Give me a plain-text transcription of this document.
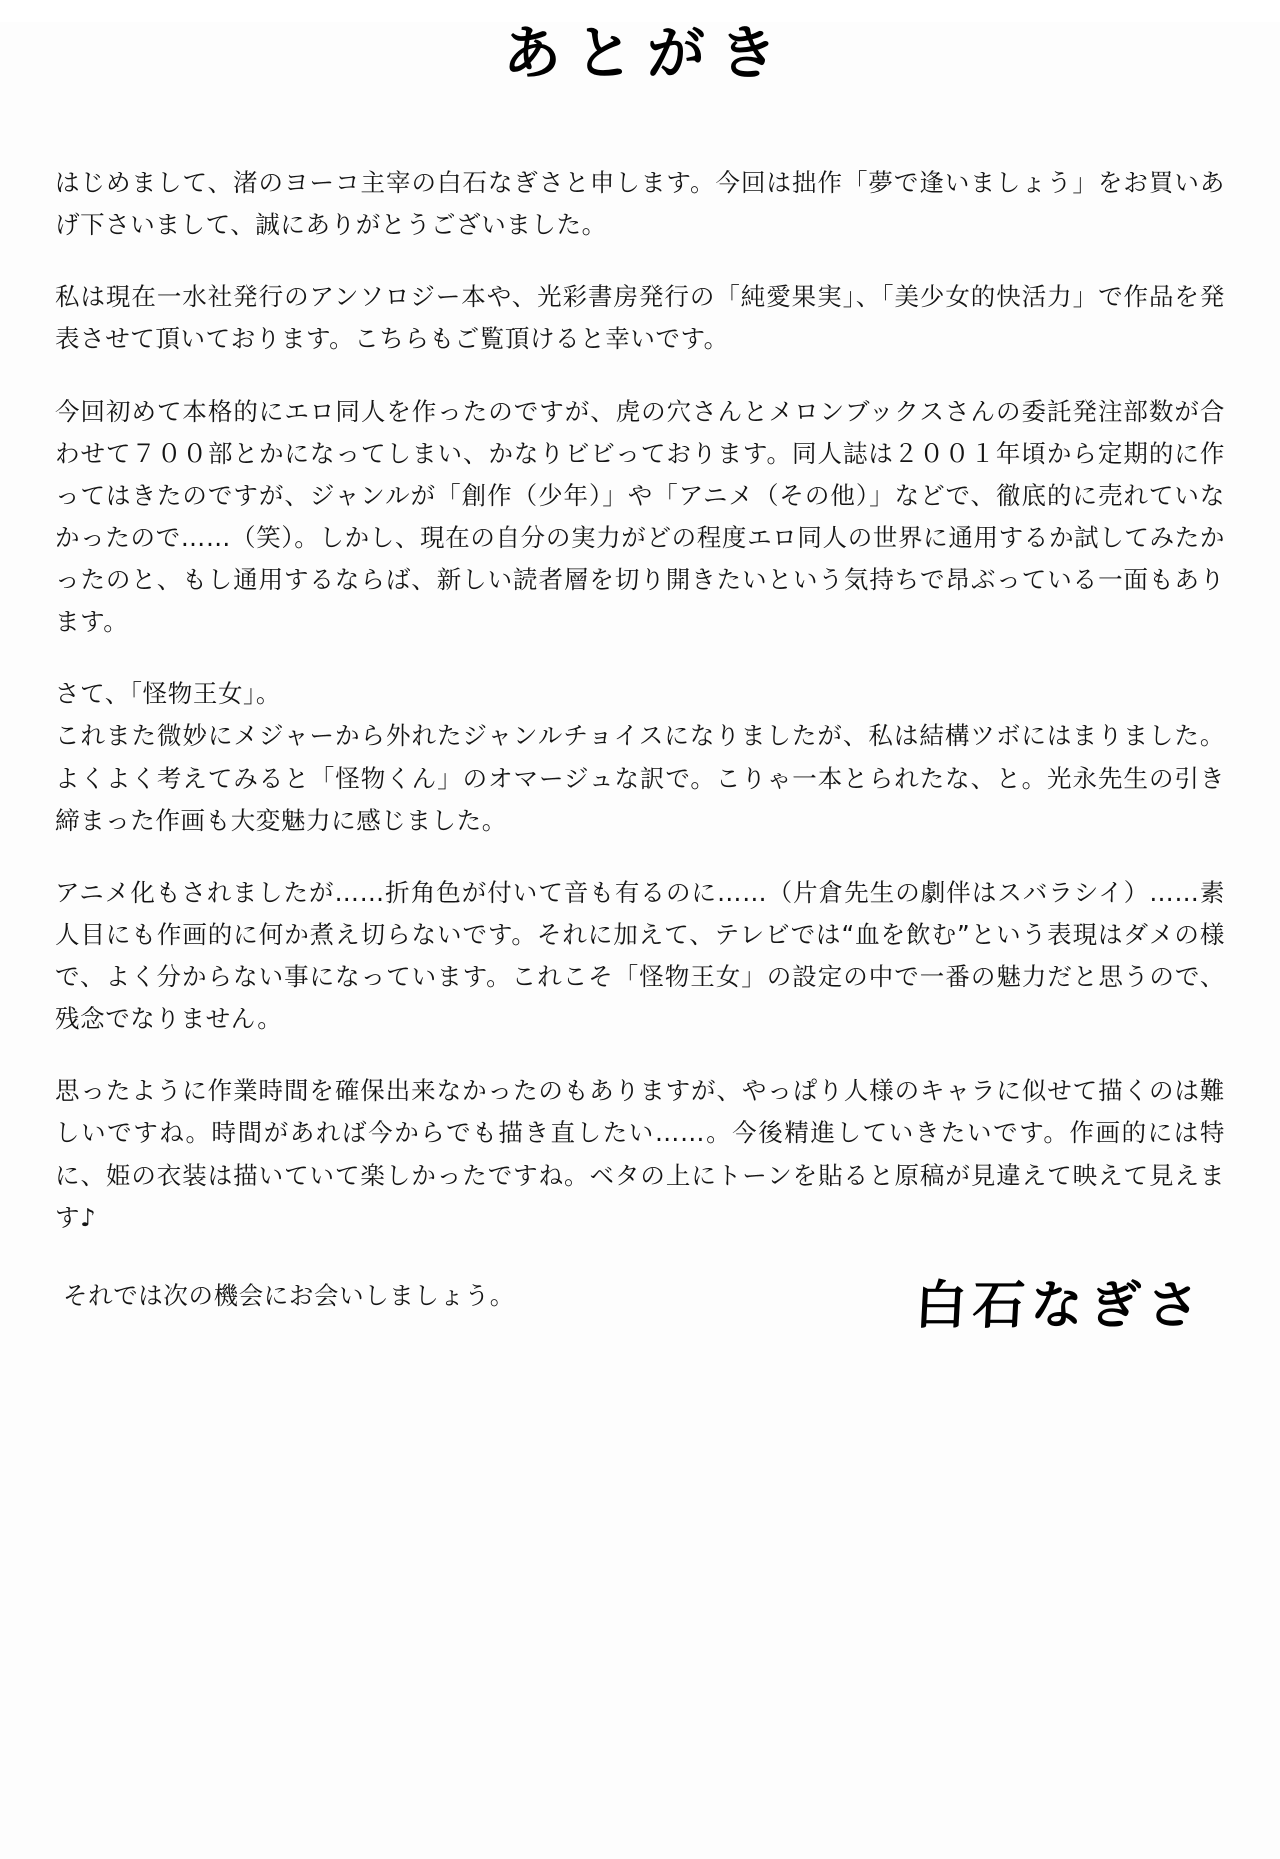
あとがき

はじめまして、渚のヨーコ主宰の白石なぎさと申します。今回は拙作「夢で逢いましょう」をお買いあげ下さいまして、誠にありがとうございました。

私は現在一水社発行のアンソロジー本や、光彩書房発行の「純愛果実」、「美少女的快活力」で作品を発表させて頂いております。こちらもご覧頂けると幸いです。

今回初めて本格的にエロ同人を作ったのですが、虎の穴さんとメロンブックスさんの委託発注部数が合わせて７００部とかになってしまい、かなりビビっております。同人誌は２００１年頃から定期的に作ってはきたのですが、ジャンルが「創作（少年）」や「アニメ（その他）」などで、徹底的に売れていなかったので……（笑）。しかし、現在の自分の実力がどの程度エロ同人の世界に通用するか試してみたかったのと、もし通用するならば、新しい読者層を切り開きたいという気持ちで昂ぶっている一面もあります。

さて、「怪物王女」。

これまた微妙にメジャーから外れたジャンルチョイスになりましたが、私は結構ツボにはまりました。よくよく考えてみると「怪物くん」のオマージュな訳で。こりゃ一本とられたな、と。光永先生の引き締まった作画も大変魅力に感じました。

アニメ化もされましたが……折角色が付いて音も有るのに……（片倉先生の劇伴はスバラシイ）……素人目にも作画的に何か煮え切らないです。それに加えて、テレビでは“血を飲む”という表現はダメの様で、よく分からない事になっています。これこそ「怪物王女」の設定の中で一番の魅力だと思うので、残念でなりません。

思ったように作業時間を確保出来なかったのもありますが、やっぱり人様のキャラに似せて描くのは難しいですね。時間があれば今からでも描き直したい……。今後精進していきたいです。作画的には特に、姫の衣装は描いていて楽しかったですね。ベタの上にトーンを貼ると原稿が見違えて映えて見えます♪

それでは次の機会にお会いしましょう。	白石なぎさ
